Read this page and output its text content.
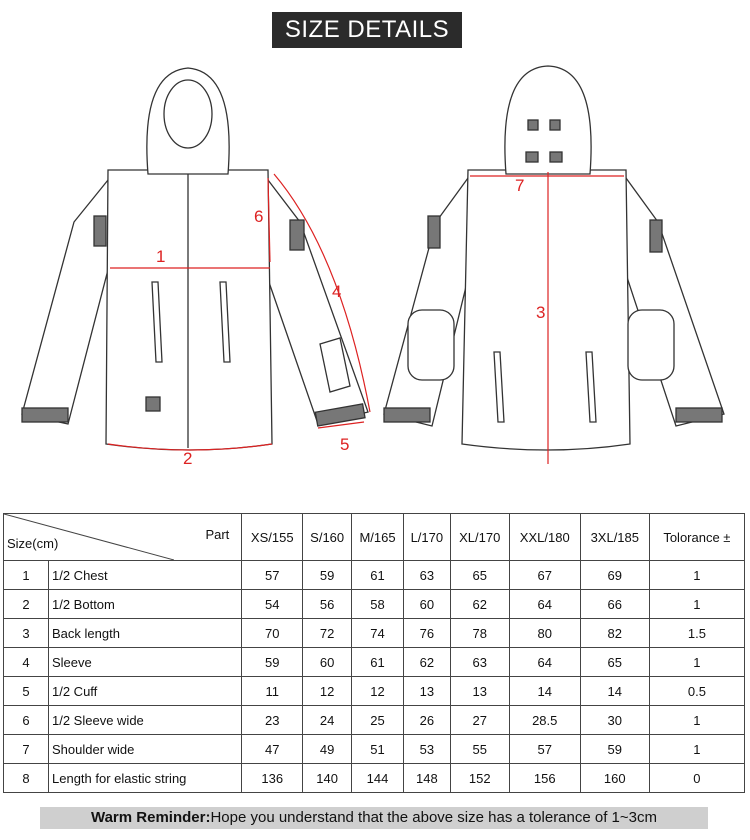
SIZE DETAILS
1
2
4
5
6
7
3
Size(cm)
Part		XS/155	S/160	M/165	L/170	XL/170	XXL/180	3XL/185	Tolorance ±
1	1/2 Chest	57	59	61	63	65	67	69	1
2	1/2 Bottom	54	56	58	60	62	64	66	1
3	Back length	70	72	74	76	78	80	82	1.5
4	Sleeve	59	60	61	62	63	64	65	1
5	1/2 Cuff	11	12	12	13	13	14	14	0.5
6	1/2 Sleeve wide	23	24	25	26	27	28.5	30	1
7	Shoulder wide	47	49	51	53	55	57	59	1
8	Length for elastic string	136	140	144	148	152	156	160	0
Warm Reminder:Hope you understand that the above size has a tolerance of 1~3cm
